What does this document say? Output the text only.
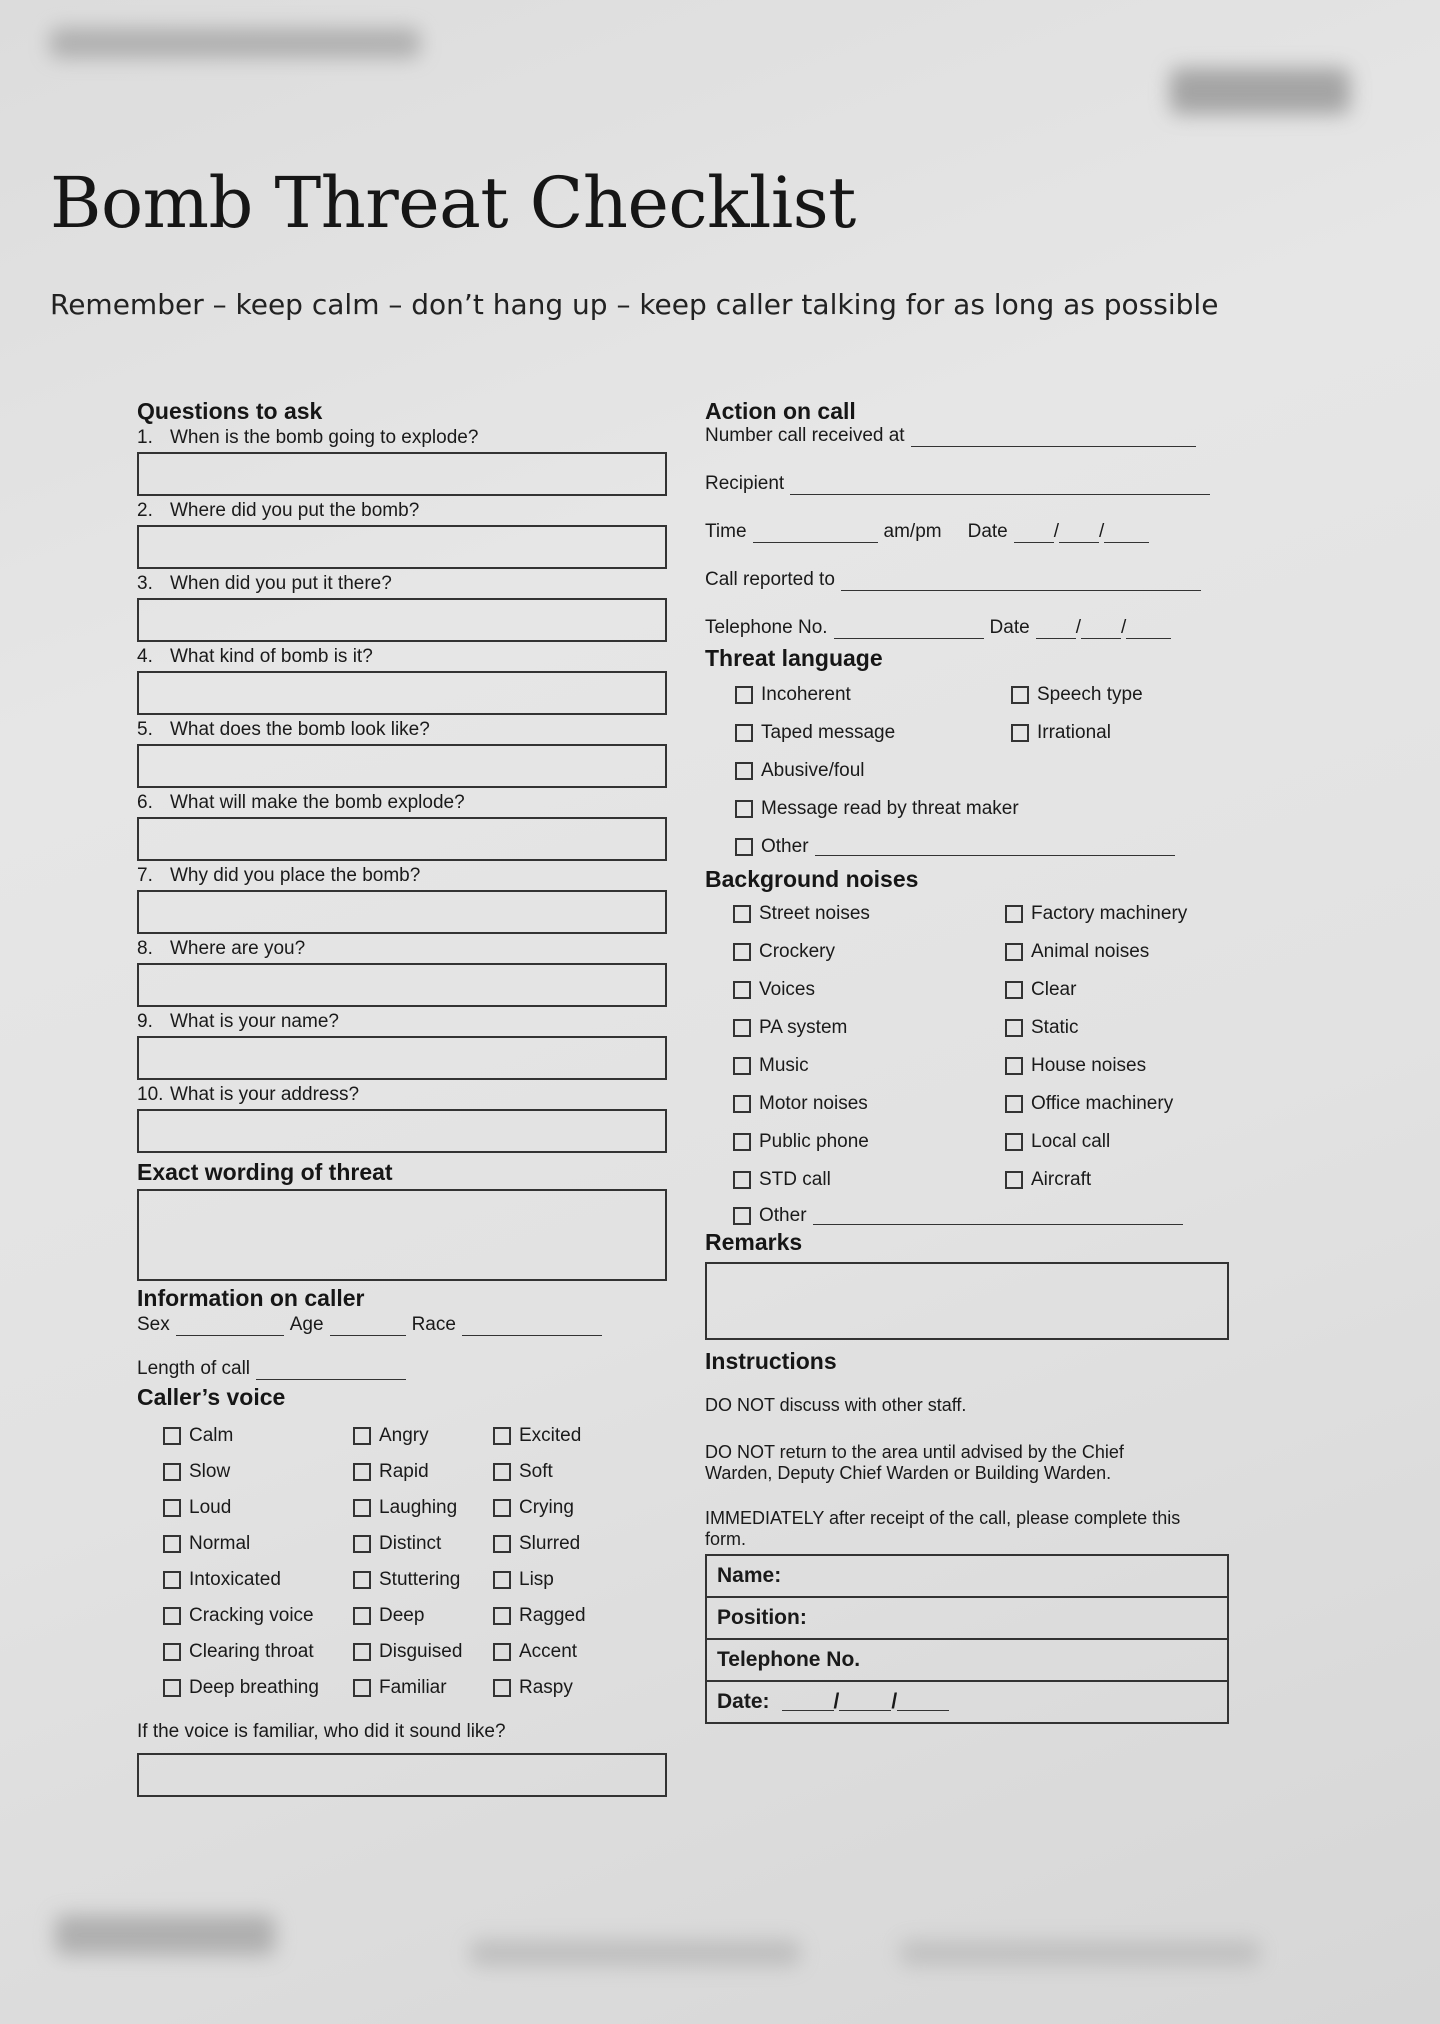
Bomb Threat Checklist
Remember – keep calm – don’t hang up – keep caller talking for as long as possible
Questions to ask
1. When is the bomb going to explode?
2. Where did you put the bomb?
3. When did you put it there?
4. What kind of bomb is it?
5. What does the bomb look like?
6. What will make the bomb explode?
7. Why did you place the bomb?
8. Where are you?
9. What is your name?
10. What is your address?
Exact wording of threat
Information on caller
Sex	Age	Race
Length of call
Caller’s voice
Calm	Angry	Excited
Slow	Rapid	Soft
Loud	Laughing	Crying
Normal	Distinct	Slurred
Intoxicated	Stuttering	Lisp
Cracking voice	Deep	Ragged
Clearing throat	Disguised	Accent
Deep breathing	Familiar	Raspy
If the voice is familiar, who did it sound like?
Action on call
Number call received at
Recipient
Time	am/pm Date / /
Call reported to
Telephone No.	Date / /
Threat language
Incoherent	Speech type
Taped message	Irrational
Abusive/foul
Message read by threat maker
Other
Background noises
Street noises	Factory machinery
Crockery	Animal noises
Voices	Clear
PA system	Static
Music	House noises
Motor noises	Office machinery
Public phone	Local call
STD call	Aircraft
Other
Remarks
Instructions
DO NOT discuss with other staff.
DO NOT return to the area until advised by the Chief Warden, Deputy Chief Warden or Building Warden.
IMMEDIATELY after receipt of the call, please complete this form.
Name:
Position:
Telephone No.
Date:	/ /
